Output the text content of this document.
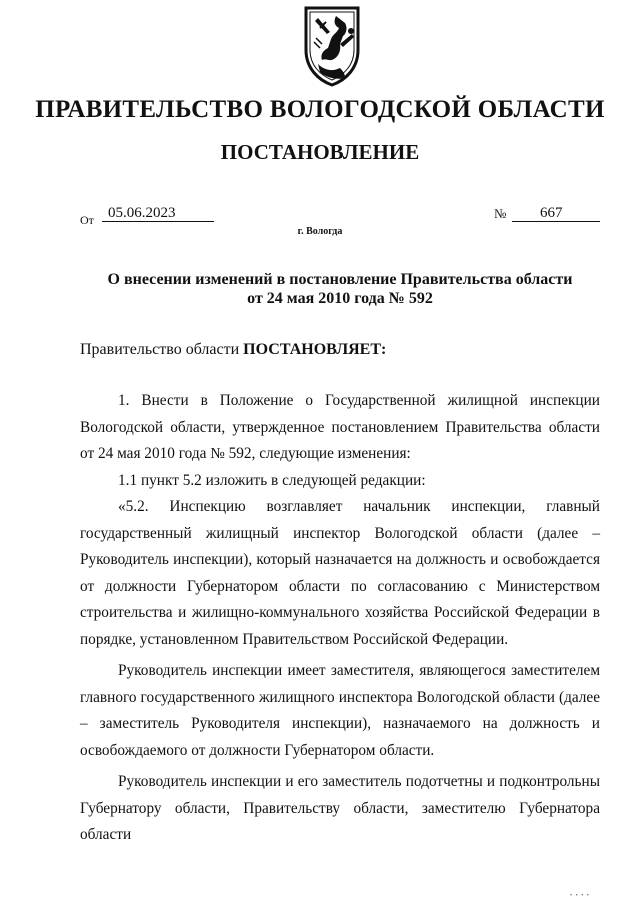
ПРАВИТЕЛЬСТВО ВОЛОГОДСКОЙ ОБЛАСТИ
ПОСТАНОВЛЕНИЕ
От 05.06.2023	№	667
г. Вологда
О внесении изменений в постановление Правительства области
от 24 мая 2010 года № 592
Правительство области ПОСТАНОВЛЯЕТ:

1. Внести в Положение о Государственной жилищной инспекции Вологодской области, утвержденное постановлением Правительства области от 24 мая 2010 года № 592, следующие изменения:

1.1 пункт 5.2 изложить в следующей редакции:

«5.2. Инспекцию возглавляет начальник инспекции, главный государственный жилищный инспектор Вологодской области (далее – Руководитель инспекции), который назначается на должность и освобождается от должности Губернатором области по согласованию с Министерством строительства и жилищно-коммунального хозяйства Российской Федерации в порядке, установленном Правительством Российской Федерации.

Руководитель инспекции имеет заместителя, являющегося заместителем главного государственного жилищного инспектора Вологодской области (далее – заместитель Руководителя инспекции), назначаемого на должность и освобождаемого от должности Губернатором области.

Руководитель инспекции и его заместитель подотчетны и подконтрольны Губернатору области, Правительству области, заместителю Губернатора области

• • • •
